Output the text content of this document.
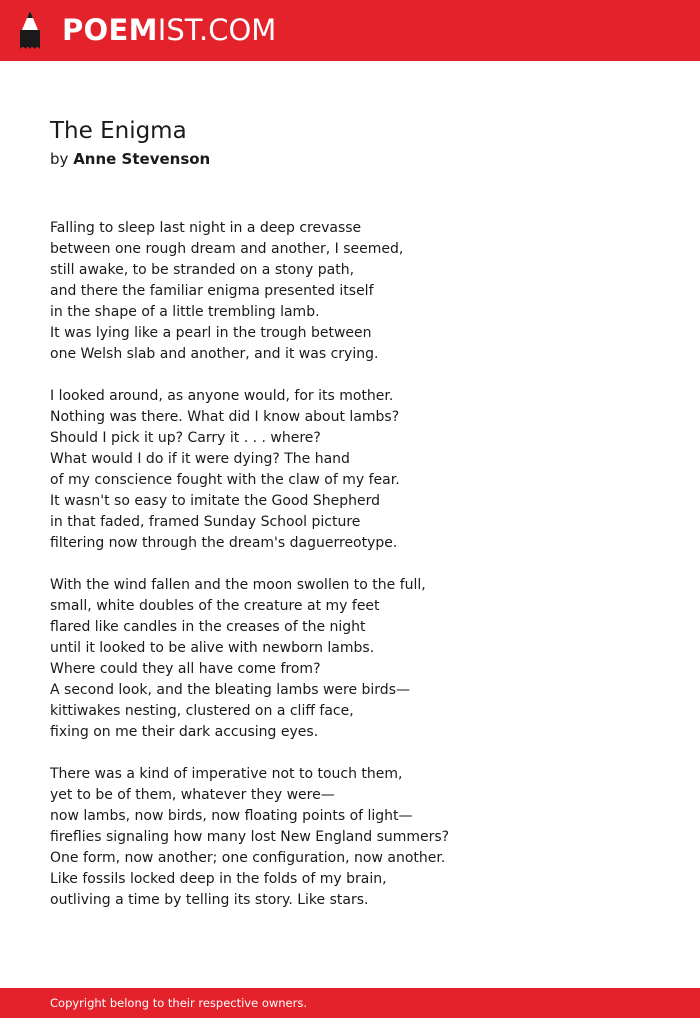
POEMIST.COM
The Enigma
by Anne Stevenson
Falling to sleep last night in a deep crevasse
between one rough dream and another, I seemed,
still awake, to be stranded on a stony path,
and there the familiar enigma presented itself
in the shape of a little trembling lamb.
It was lying like a pearl in the trough between
one Welsh slab and another, and it was crying.
I looked around, as anyone would, for its mother.
Nothing was there. What did I know about lambs?
Should I pick it up? Carry it . . . where?
What would I do if it were dying? The hand
of my conscience fought with the claw of my fear.
It wasn't so easy to imitate the Good Shepherd
in that faded, framed Sunday School picture
filtering now through the dream's daguerreotype.
With the wind fallen and the moon swollen to the full,
small, white doubles of the creature at my feet
flared like candles in the creases of the night
until it looked to be alive with newborn lambs.
Where could they all have come from?
A second look, and the bleating lambs were birds—
kittiwakes nesting, clustered on a cliff face,
fixing on me their dark accusing eyes.
There was a kind of imperative not to touch them,
yet to be of them, whatever they were—
now lambs, now birds, now floating points of light—
fireflies signaling how many lost New England summers?
One form, now another; one configuration, now another.
Like fossils locked deep in the folds of my brain,
outliving a time by telling its story. Like stars.
Copyright belong to their respective owners.
